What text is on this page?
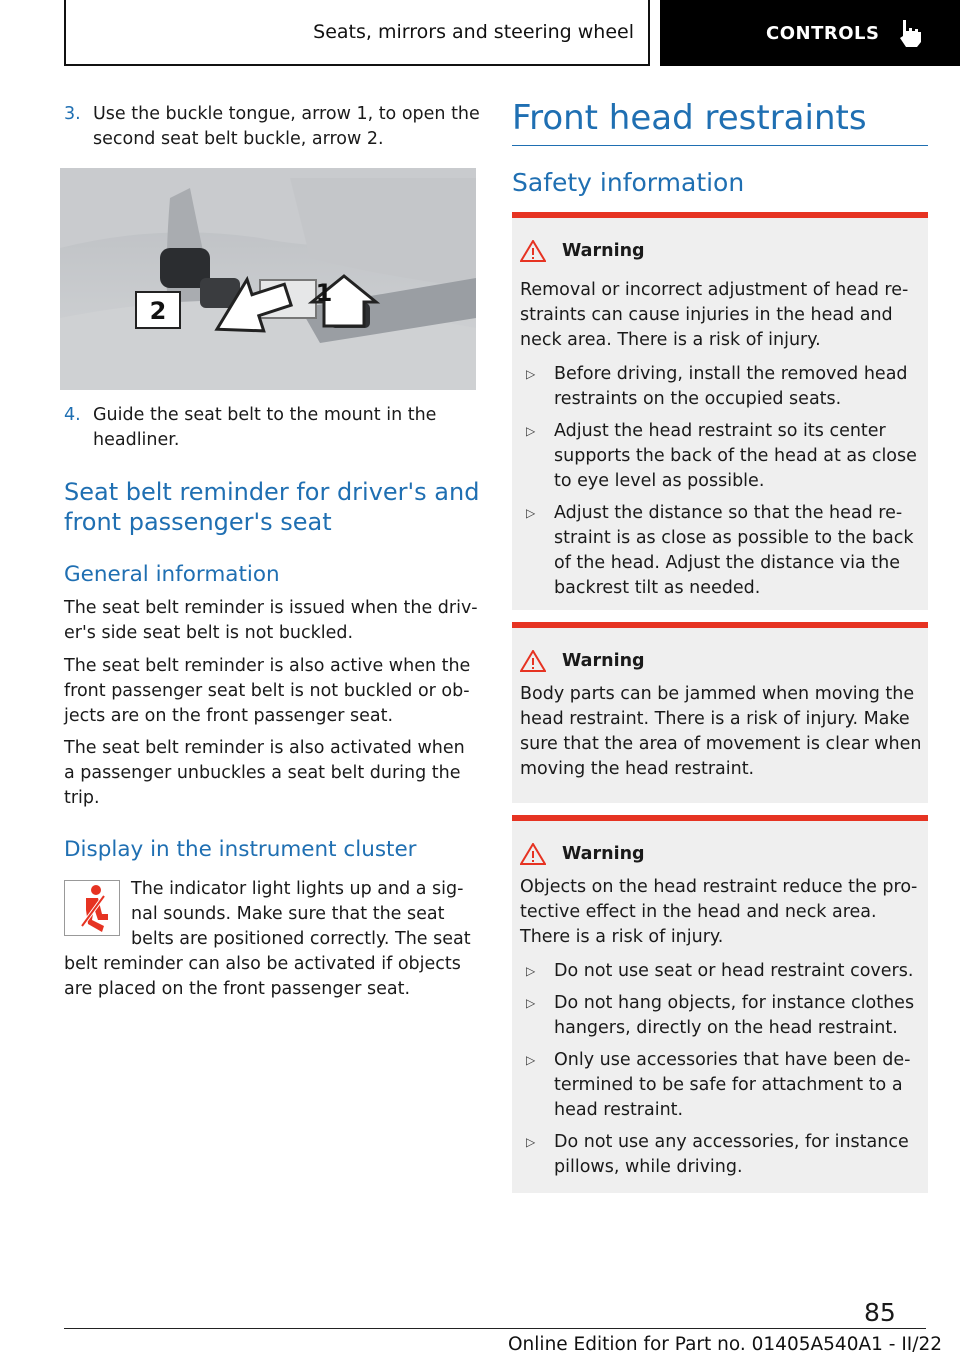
Seats, mirrors and steering wheel	CONTROLS
3. Use the buckle tongue, arrow 1, to open the second seat belt buckle, arrow 2.
2
1
4. Guide the seat belt to the mount in the headliner.
Seat belt reminder for driver's and front passenger's seat
General information

The seat belt reminder is issued when the driv‐er's side seat belt is not buckled.

The seat belt reminder is also active when the front passenger seat belt is not buckled or ob‐jects are on the front passenger seat.

The seat belt reminder is also activated when a passenger unbuckles a seat belt during the trip.

Display in the instrument cluster

The indicator light lights up and a sig‐

nal sounds. Make sure that the seat

belts are positioned correctly. The seat

belt reminder can also be activated if objects are placed on the front passenger seat.

Front head restraints
Safety information
Warning
Removal or incorrect adjustment of head re‐straints can cause injuries in the head and neck area. There is a risk of injury.
▷ Before driving, install the removed head restraints on the occupied seats.
▷ Adjust the head restraint so its center supports the back of the head at as close to eye level as possible.
▷ Adjust the distance so that the head re‐straint is as close as possible to the back of the head. Adjust the distance via the backrest tilt as needed.
Warning
Body parts can be jammed when moving the head restraint. There is a risk of injury. Make sure that the area of movement is clear when moving the head restraint.
Warning
Objects on the head restraint reduce the pro‐tective effect in the head and neck area. There is a risk of injury.
▷ Do not use seat or head restraint covers.
▷ Do not hang objects, for instance clothes hangers, directly on the head restraint.
▷ Only use accessories that have been de‐termined to be safe for attachment to a head restraint.
▷ Do not use any accessories, for instance pillows, while driving.
85
Online Edition for Part no. 01405A540A1 - II/22
